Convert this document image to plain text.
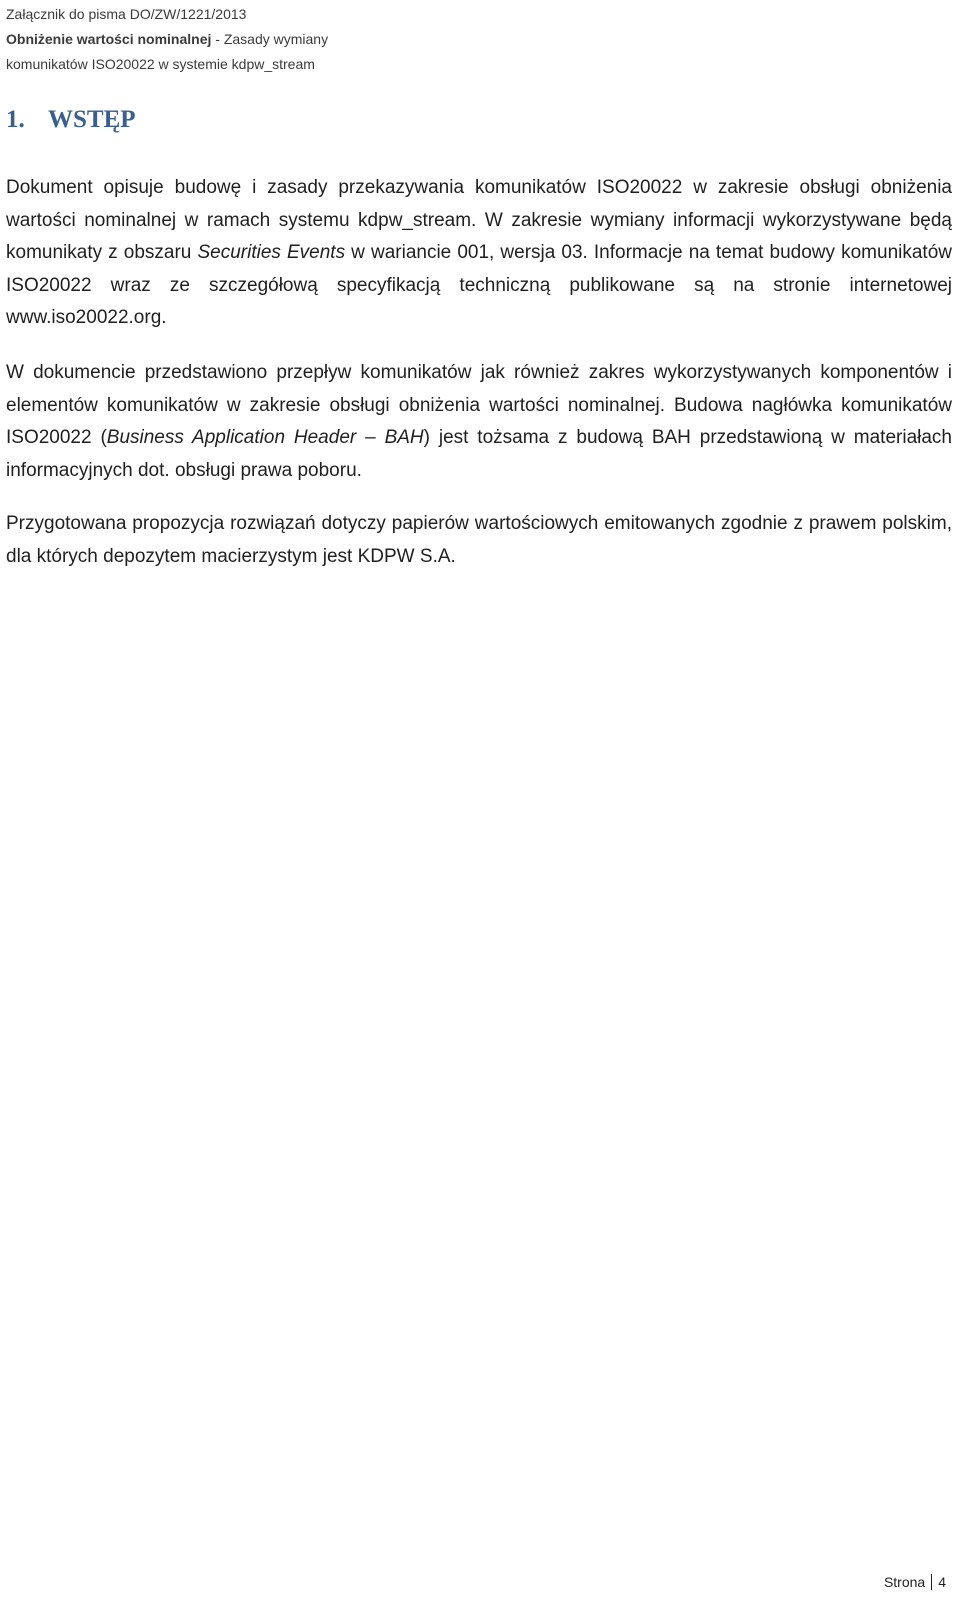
Załącznik do pisma DO/ZW/1221/2013
Obniżenie wartości nominalnej - Zasady wymiany
komunikatów ISO20022 w systemie kdpw_stream
1. WSTĘP

Dokument opisuje budowę i zasady przekazywania komunikatów ISO20022 w zakresie obsługi obniżenia wartości nominalnej w ramach systemu kdpw_stream. W zakresie wymiany informacji wykorzystywane będą komunikaty z obszaru Securities Events w wariancie 001, wersja 03. Informacje na temat budowy komunikatów ISO20022 wraz ze szczegółową specyfikacją techniczną publikowane są na stronie internetowej www.iso20022.org.

W dokumencie przedstawiono przepływ komunikatów jak również zakres wykorzystywanych komponentów i elementów komunikatów w zakresie obsługi obniżenia wartości nominalnej. Budowa nagłówka komunikatów ISO20022 (Business Application Header – BAH) jest tożsama z budową BAH przedstawioną w materiałach informacyjnych dot. obsługi prawa poboru.

Przygotowana propozycja rozwiązań dotyczy papierów wartościowych emitowanych zgodnie z prawem polskim, dla których depozytem macierzystym jest KDPW S.A.

Strona 4
